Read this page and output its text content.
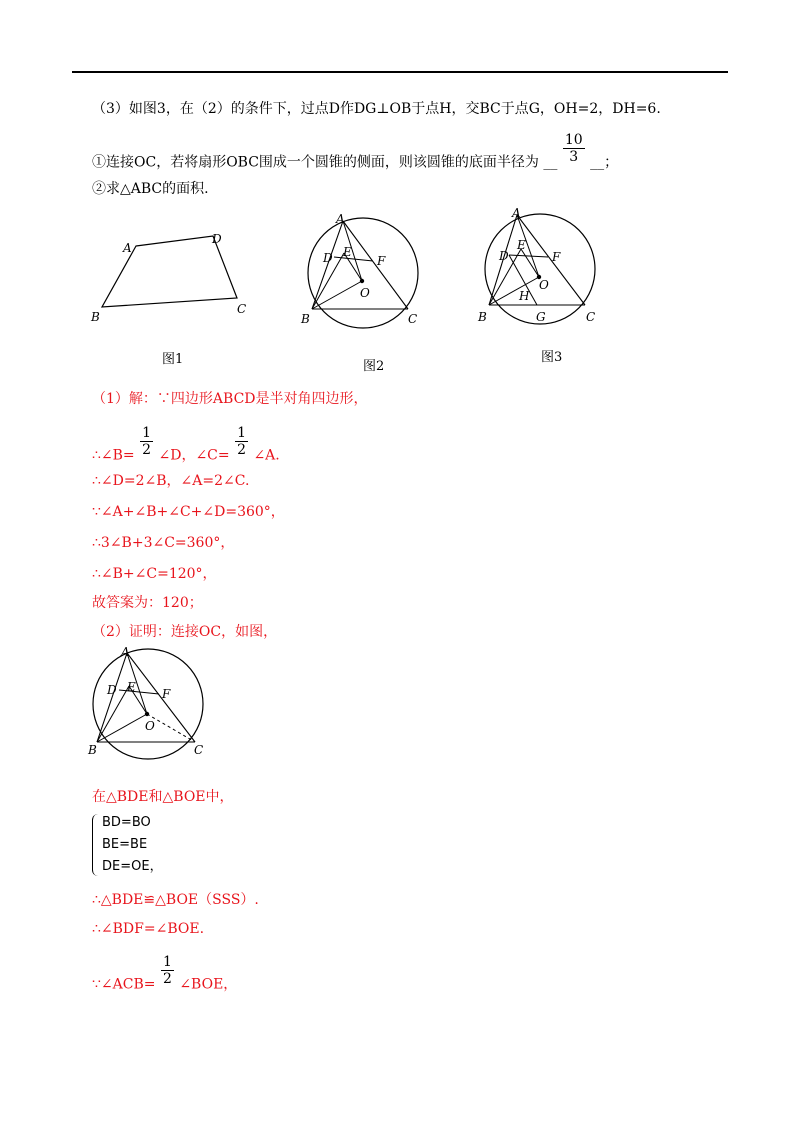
（3）如图3，在（2）的条件下，过点D作DG⊥OB于点H，交BC于点G，OH=2，DH=6.
①连接OC，若将扇形OBC围成一个圆锥的侧面，则该圆锥的底面半径为 __ $\frac{10}{3}$ __；
②求△ABC的面积.
A
D
B
C
图1
A
D E
F
O
B	C
图2
A
E
D	F
O
H
B	G	C
图3
（1）解：∵四边形ABCD是半对角四边形，
∴∠B= $\frac{1}{2}$ ∠D，∠C= $\frac{1}{2}$ ∠A.
∴∠D=2∠B，∠A=2∠C.
∵∠A+∠B+∠C+∠D=360°，
∴3∠B+3∠C=360°，
∴∠B+∠C=120°，
故答案为：120；
（2）证明：连接OC，如图，
A
D E F
O
B	C
在△BDE和△BOE中，
BD=BO
BE=BE
DE=OE，
∴△BDE≌△BOE（SSS）.
∴∠BDF=∠BOE.
∵∠ACB= $\frac{1}{2}$ ∠BOE，
